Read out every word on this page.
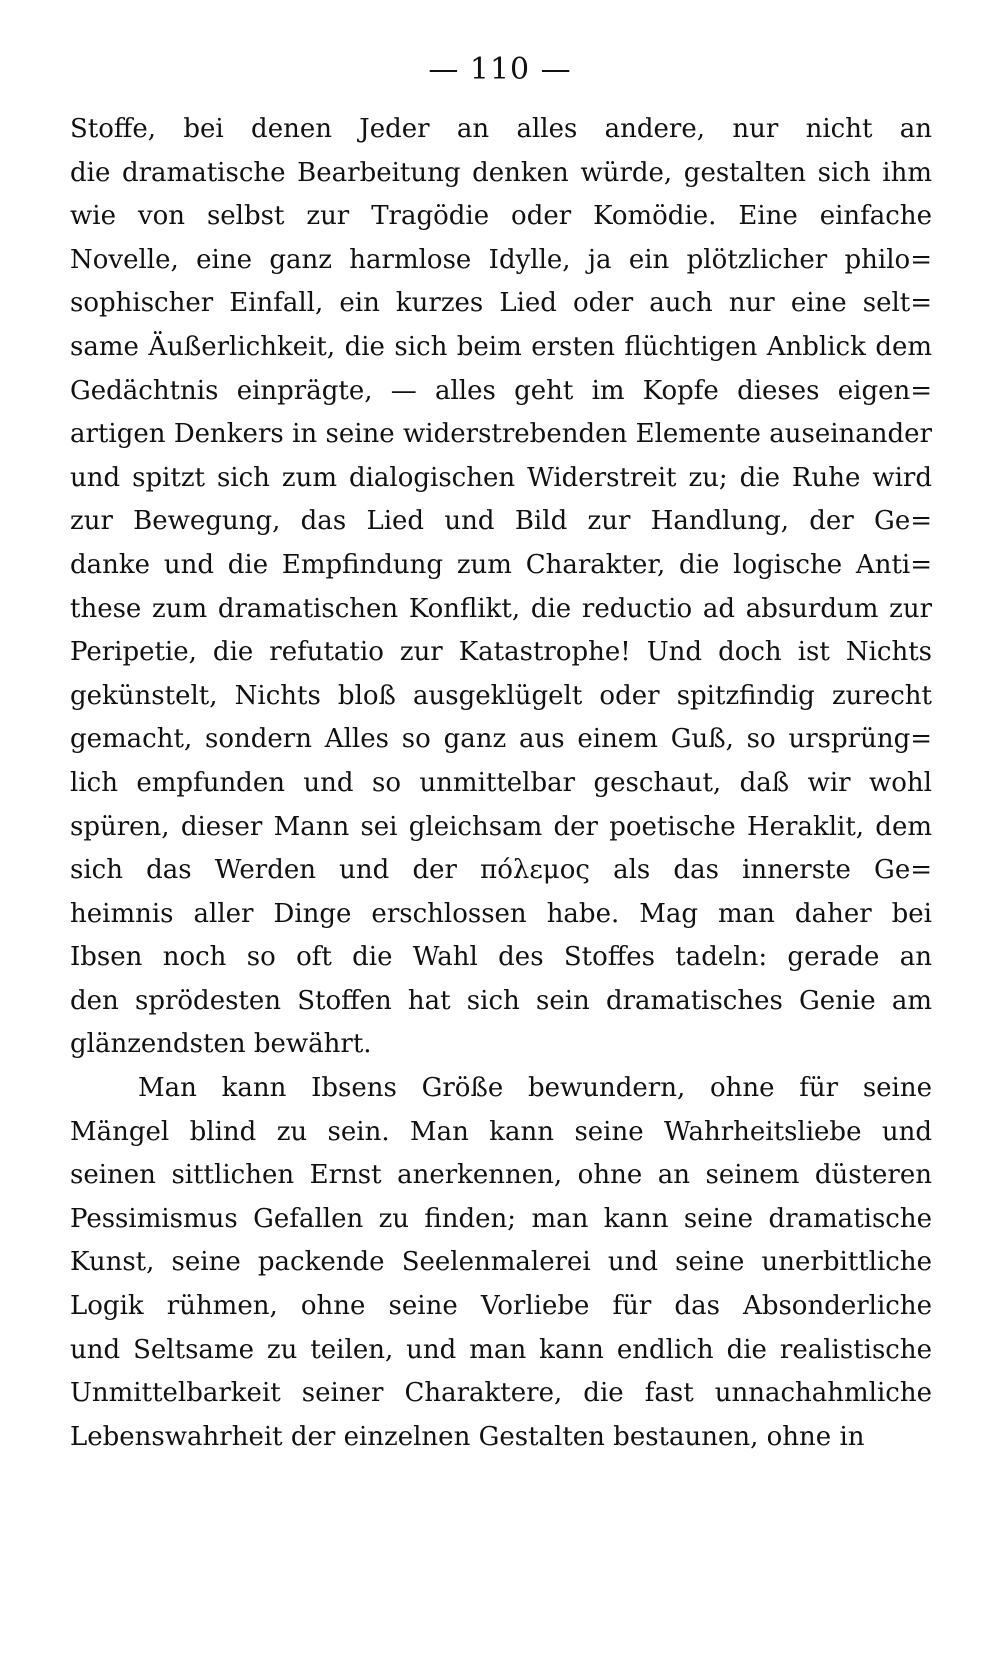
— 110 —
Stoffe, bei denen Jeder an alles andere, nur nicht an
die dramatische Bearbeitung denken würde, gestalten sich ihm
wie von selbst zur Tragödie oder Komödie. Eine einfache
Novelle, eine ganz harmlose Idylle, ja ein plötzlicher philo=
sophischer Einfall, ein kurzes Lied oder auch nur eine selt=
same Äußerlichkeit, die sich beim ersten flüchtigen Anblick dem
Gedächtnis einprägte, — alles geht im Kopfe dieses eigen=
artigen Denkers in seine widerstrebenden Elemente auseinander
und spitzt sich zum dialogischen Widerstreit zu; die Ruhe wird
zur Bewegung, das Lied und Bild zur Handlung, der Ge=
danke und die Empfindung zum Charakter, die logische Anti=
these zum dramatischen Konflikt, die reductio ad absurdum zur
Peripetie, die refutatio zur Katastrophe! Und doch ist Nichts
gekünstelt, Nichts bloß ausgeklügelt oder spitzfindig zurecht
gemacht, sondern Alles so ganz aus einem Guß, so ursprüng=
lich empfunden und so unmittelbar geschaut, daß wir wohl
spüren, dieser Mann sei gleichsam der poetische Heraklit, dem
sich das Werden und der πόλεμος als das innerste Ge=
heimnis aller Dinge erschlossen habe. Mag man daher bei
Ibsen noch so oft die Wahl des Stoffes tadeln: gerade an
den sprödesten Stoffen hat sich sein dramatisches Genie am
glänzendsten bewährt.
Man kann Ibsens Größe bewundern, ohne für seine
Mängel blind zu sein. Man kann seine Wahrheitsliebe und
seinen sittlichen Ernst anerkennen, ohne an seinem düsteren
Pessimismus Gefallen zu finden; man kann seine dramatische
Kunst, seine packende Seelenmalerei und seine unerbittliche
Logik rühmen, ohne seine Vorliebe für das Absonderliche
und Seltsame zu teilen, und man kann endlich die realistische
Unmittelbarkeit seiner Charaktere, die fast unnachahmliche
Lebenswahrheit der einzelnen Gestalten bestaunen, ohne in
